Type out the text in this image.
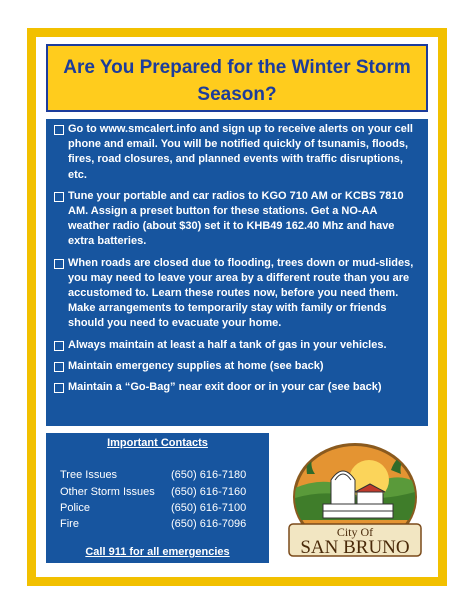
Are You Prepared for the Winter Storm Season?
Go to www.smcalert.info and sign up to receive alerts on your cell phone and email. You will be notified quickly of tsunamis, floods, fires, road closures, and planned events with traffic disruptions, etc.
Tune your portable and car radios to KGO 710 AM or KCBS 7810 AM. Assign a preset button for these stations. Get a NO-AA weather radio (about $30) set it to KHB49 162.40 Mhz and have extra batteries.
When roads are closed due to flooding, trees down or mud-slides, you may need to leave your area by a different route than you are accustomed to. Learn these routes now, before you need them. Make arrangements to temporarily stay with family or friends should you need to evacuate your home.
Always maintain at least a half a tank of gas in your vehicles.
Maintain emergency supplies at home (see back)
Maintain a “Go-Bag” near exit door or in your car (see back)
Important Contacts
Tree Issues	(650) 616-7180
Other Storm Issues (650) 616-7160
Police	(650) 616-7100
Fire	(650) 616-7096
Call 911 for all emergencies
City Of
SAN BRUNO
